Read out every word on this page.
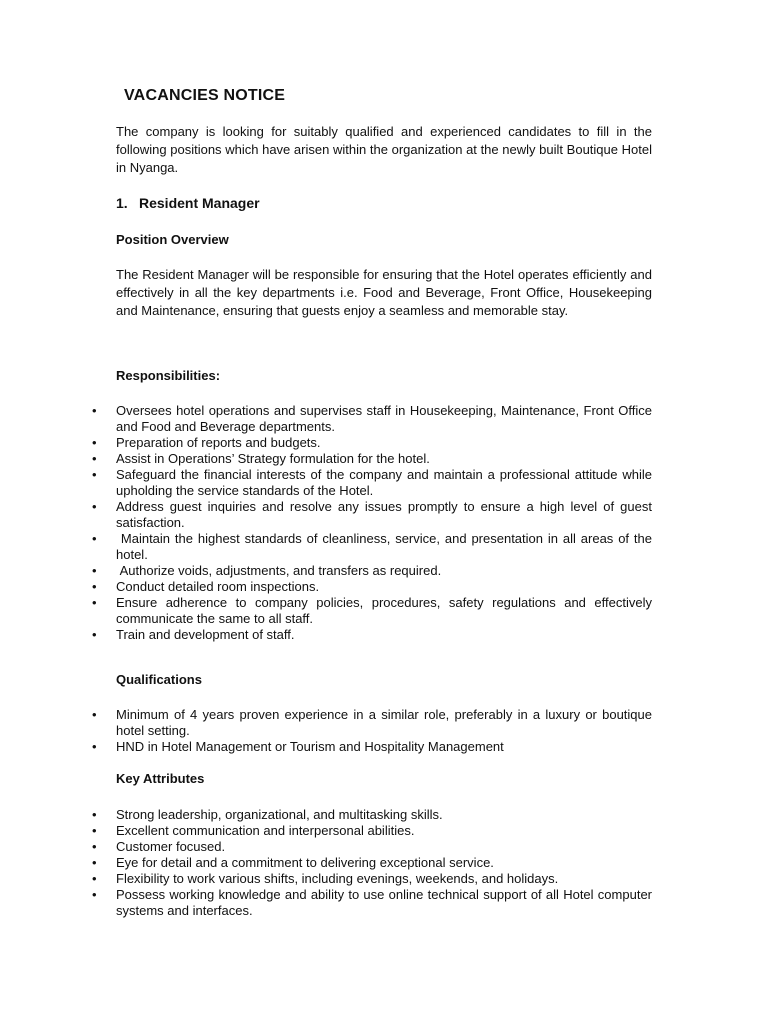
VACANCIES NOTICE

The company is looking for suitably qualified and experienced candidates to fill in the following positions which have arisen within the organization at the newly built Boutique Hotel in Nyanga.

1. Resident Manager
Position Overview

The Resident Manager will be responsible for ensuring that the Hotel operates efficiently and effectively in all the key departments i.e. Food and Beverage, Front Office, Housekeeping and Maintenance, ensuring that guests enjoy a seamless and memorable stay.

Responsibilities:
• Oversees hotel operations and supervises staff in Housekeeping, Maintenance, Front Office and Food and Beverage departments.
• Preparation of reports and budgets.
• Assist in Operations’ Strategy formulation for the hotel.
• Safeguard the financial interests of the company and maintain a professional attitude while upholding the service standards of the Hotel.
• Address guest inquiries and resolve any issues promptly to ensure a high level of guest satisfaction.
• Maintain the highest standards of cleanliness, service, and presentation in all areas of the hotel.
• Authorize voids, adjustments, and transfers as required.
• Conduct detailed room inspections.
• Ensure adherence to company policies, procedures, safety regulations and effectively communicate the same to all staff.
• Train and development of staff.
Qualifications
• Minimum of 4 years proven experience in a similar role, preferably in a luxury or boutique hotel setting.
• HND in Hotel Management or Tourism and Hospitality Management
Key Attributes
• Strong leadership, organizational, and multitasking skills.
• Excellent communication and interpersonal abilities.
• Customer focused.
• Eye for detail and a commitment to delivering exceptional service.
• Flexibility to work various shifts, including evenings, weekends, and holidays.
• Possess working knowledge and ability to use online technical support of all Hotel computer systems and interfaces.
